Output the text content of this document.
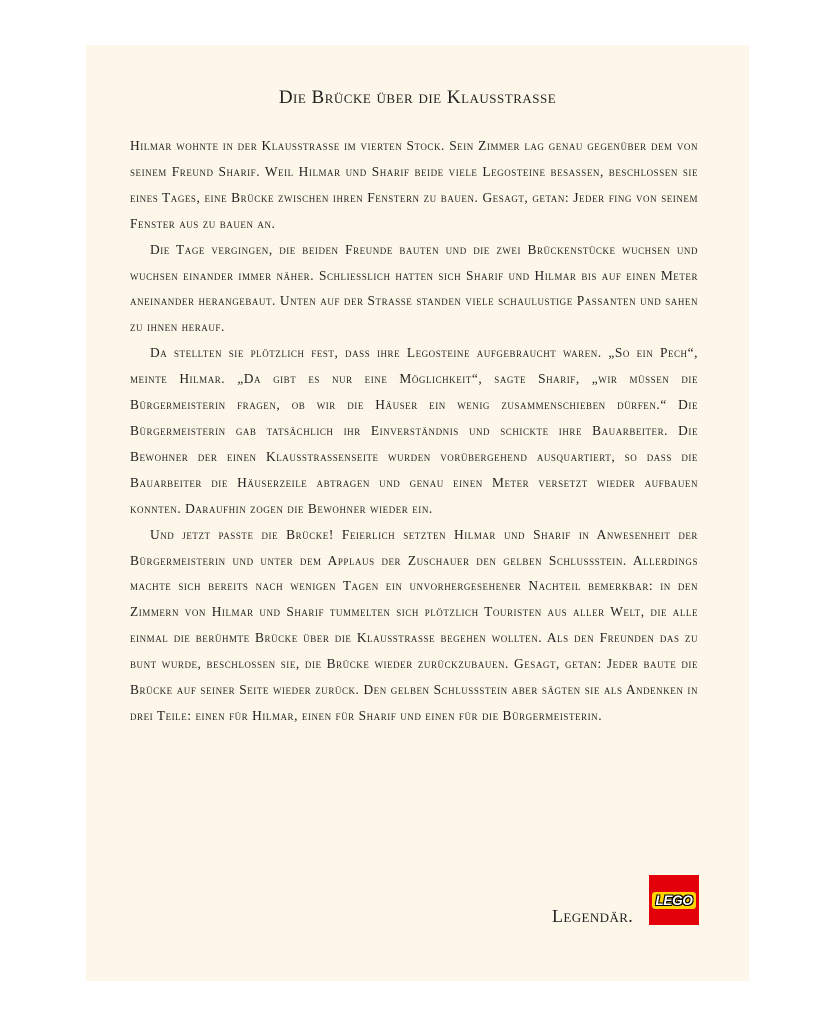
Die Brücke über die Klausstrasse

Hilmar wohnte in der Klausstrasse im vierten Stock. Sein Zimmer lag genau gegenüber dem von seinem Freund Sharif. Weil Hilmar und Sharif beide viele Legosteine besassen, beschlossen sie eines Tages, eine Brücke zwischen ihren Fenstern zu bauen. Gesagt, getan: Jeder fing von seinem Fenster aus zu bauen an.

Die Tage vergingen, die beiden Freunde bauten und die zwei Brückenstücke wuchsen und wuchsen einander immer näher. Schliesslich hatten sich Sharif und Hilmar bis auf einen Meter aneinander herangebaut. Unten auf der Strasse standen viele schaulustige Passanten und sahen zu ihnen herauf.

Da stellten sie plötzlich fest, dass ihre Legosteine aufgebraucht waren. „So ein Pech“, meinte Hilmar. „Da gibt es nur eine Möglichkeit“, sagte Sharif, „wir müssen die Bürgermeisterin fragen, ob wir die Häuser ein wenig zusammenschieben dürfen.“ Die Bürgermeisterin gab tatsächlich ihr Einverständnis und schickte ihre Bauarbeiter. Die Bewohner der einen Klausstrassenseite wurden vorübergehend ausquartiert, so dass die Bauarbeiter die Häuserzeile abtragen und genau einen Meter versetzt wieder aufbauen konnten. Daraufhin zogen die Bewohner wieder ein.

Und jetzt passte die Brücke! Feierlich setzten Hilmar und Sharif in Anwesenheit der Bürgermeisterin und unter dem Applaus der Zuschauer den gelben Schlussstein. Allerdings machte sich bereits nach wenigen Tagen ein unvorhergesehener Nachteil bemerkbar: in den Zimmern von Hilmar und Sharif tummelten sich plötzlich Touristen aus aller Welt, die alle einmal die berühmte Brücke über die Klausstrasse begehen wollten. Als den Freunden das zu bunt wurde, beschlossen sie, die Brücke wieder zurückzubauen. Gesagt, getan: Jeder baute die Brücke auf seiner Seite wieder zurück. Den gelben Schlussstein aber sägten sie als Andenken in drei Teile: einen für Hilmar, einen für Sharif und einen für die Bürgermeisterin.

Legendär.
LEGO
